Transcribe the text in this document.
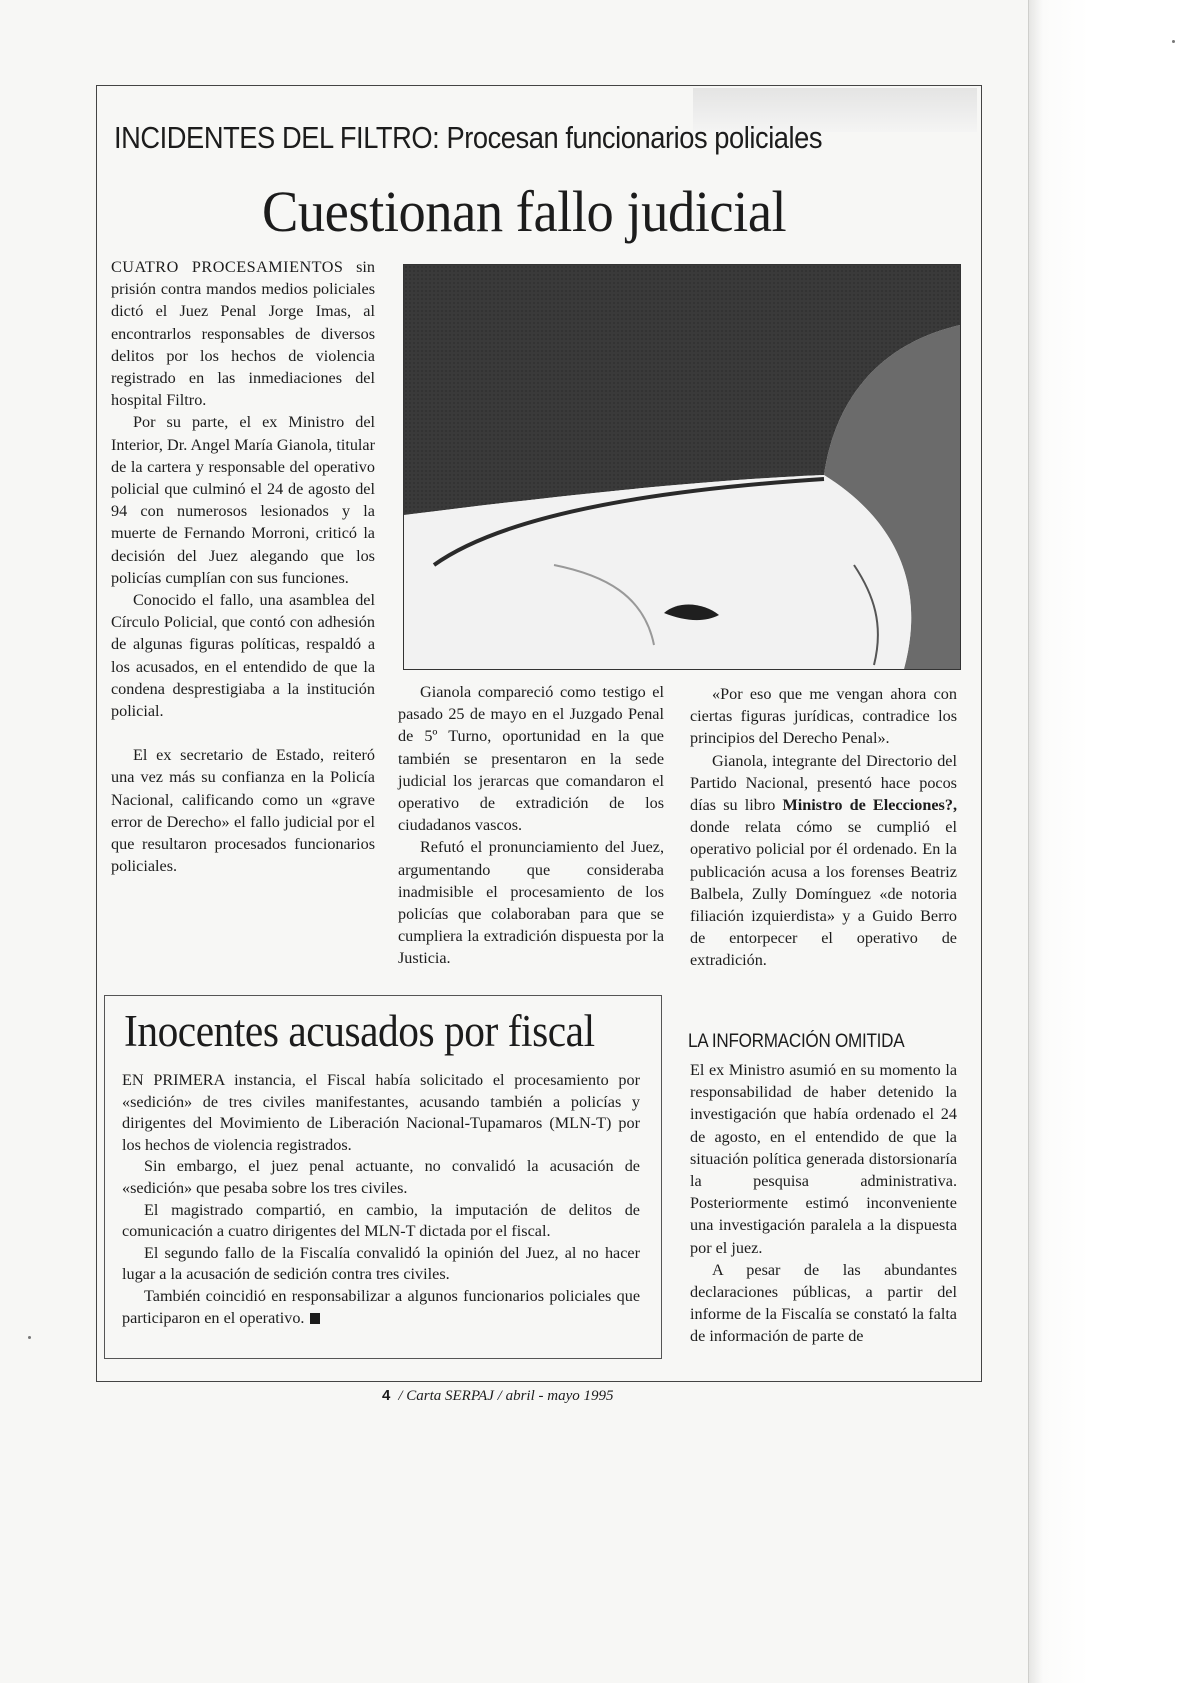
INCIDENTES DEL FILTRO: Procesan funcionarios policiales
Cuestionan fallo judicial

CUATRO PROCESAMIENTOS sin prisión contra mandos medios policiales dictó el Juez Penal Jorge Imas, al encontrarlos responsables de diversos delitos por los hechos de violencia registrado en las inmediaciones del hospital Filtro.

Por su parte, el ex Ministro del Interior, Dr. Angel María Gianola, titular de la cartera y responsable del operativo policial que culminó el 24 de agosto del 94 con numerosos lesionados y la muerte de Fernando Morroni, criticó la decisión del Juez alegando que los policías cumplían con sus funciones.

Conocido el fallo, una asamblea del Círculo Policial, que contó con adhesión de algunas figuras políticas, respaldó a los acusados, en el entendido de que la condena desprestigiaba a la institución policial.

El ex secretario de Estado, reiteró una vez más su confianza en la Policía Nacional, calificando como un «grave error de Derecho» el fallo judicial por el que resultaron procesados funcionarios policiales.

Gianola compareció como testigo el pasado 25 de mayo en el Juzgado Penal de 5º Turno, oportunidad en la que también se presentaron en la sede judicial los jerarcas que comandaron el operativo de extradición de los ciudadanos vascos.

Refutó el pronunciamiento del Juez, argumentando que consideraba inadmisible el procesamiento de los policías que colaboraban para que se cumpliera la extradición dispuesta por la Justicia.

«Por eso que me vengan ahora con ciertas figuras jurídicas, contradice los principios del Derecho Penal».

Gianola, integrante del Directorio del Partido Nacional, presentó hace pocos días su libro Ministro de Elecciones?, donde relata cómo se cumplió el operativo policial por él ordenado. En la publicación acusa a los forenses Beatriz Balbela, Zully Domínguez «de notoria filiación izquierdista» y a Guido Berro de entorpecer el operativo de extradición.

LA INFORMACIÓN OMITIDA

El ex Ministro asumió en su momento la responsabilidad de haber detenido la investigación que había ordenado el 24 de agosto, en el entendido de que la situación política generada distorsionaría la pesquisa administrativa. Posteriormente estimó inconveniente una investigación paralela a la dispuesta por el juez.

A pesar de las abundantes declaraciones públicas, a partir del informe de la Fiscalía se constató la falta de información de parte de

Inocentes acusados por fiscal

EN PRIMERA instancia, el Fiscal había solicitado el procesamiento por «sedición» de tres civiles manifestantes, acusando también a policías y dirigentes del Movimiento de Liberación Nacional-Tupamaros (MLN-T) por los hechos de violencia registrados.

Sin embargo, el juez penal actuante, no convalidó la acusación de «sedición» que pesaba sobre los tres civiles.

El magistrado compartió, en cambio, la imputación de delitos de comunicación a cuatro dirigentes del MLN-T dictada por el fiscal.

El segundo fallo de la Fiscalía convalidó la opinión del Juez, al no hacer lugar a la acusación de sedición contra tres civiles.

También coincidió en responsabilizar a algunos funcionarios policiales que participaron en el operativo.

4 / Carta SERPAJ / abril - mayo 1995
